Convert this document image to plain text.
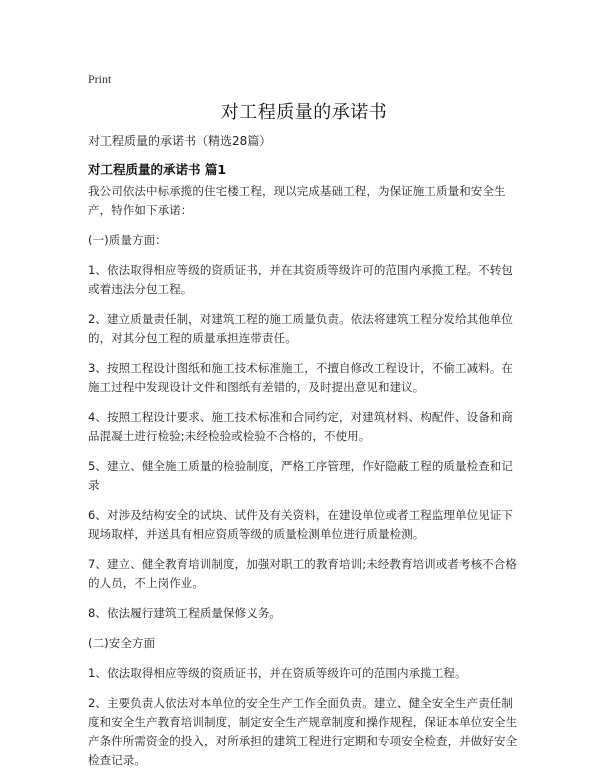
Print
对工程质量的承诺书
对工程质量的承诺书（精选28篇）
对工程质量的承诺书 篇1

我公司依法中标承揽的住宅楼工程，现以完成基础工程，为保证施工质量和安全生产，特作如下承诺：

(一)质量方面：

1、依法取得相应等级的资质证书，并在其资质等级许可的范围内承揽工程。不转包或着违法分包工程。

2、建立质量责任制，对建筑工程的施工质量负责。依法将建筑工程分发给其他单位的，对其分包工程的质量承担连带责任。

3、按照工程设计图纸和施工技术标准施工，不擅自修改工程设计，不偷工减料。在施工过程中发现设计文件和图纸有差错的，及时提出意见和建议。

4、按照工程设计要求、施工技术标准和合同约定，对建筑材料、构配件、设备和商品混凝土进行检验;未经检验或检验不合格的，不使用。

5、建立、健全施工质量的检验制度，严格工序管理，作好隐蔽工程的质量检查和记录

6、对涉及结构安全的试块、试件及有关资料，在建设单位或者工程监理单位见证下现场取样，并送具有相应资质等级的质量检测单位进行质量检测。

7、建立、健全教育培训制度，加强对职工的教育培训;未经教育培训或者考核不合格的人员，不上岗作业。

8、依法履行建筑工程质量保修义务。

(二)安全方面

1、依法取得相应等级的资质证书，并在资质等级许可的范围内承揽工程。

2、主要负责人依法对本单位的安全生产工作全面负责。建立、健全安全生产责任制度和安全生产教育培训制度，制定安全生产规章制度和操作规程，保证本单位安全生产条件所需资金的投入，对所承担的建筑工程进行定期和专项安全检查，并做好安全检查记录。
